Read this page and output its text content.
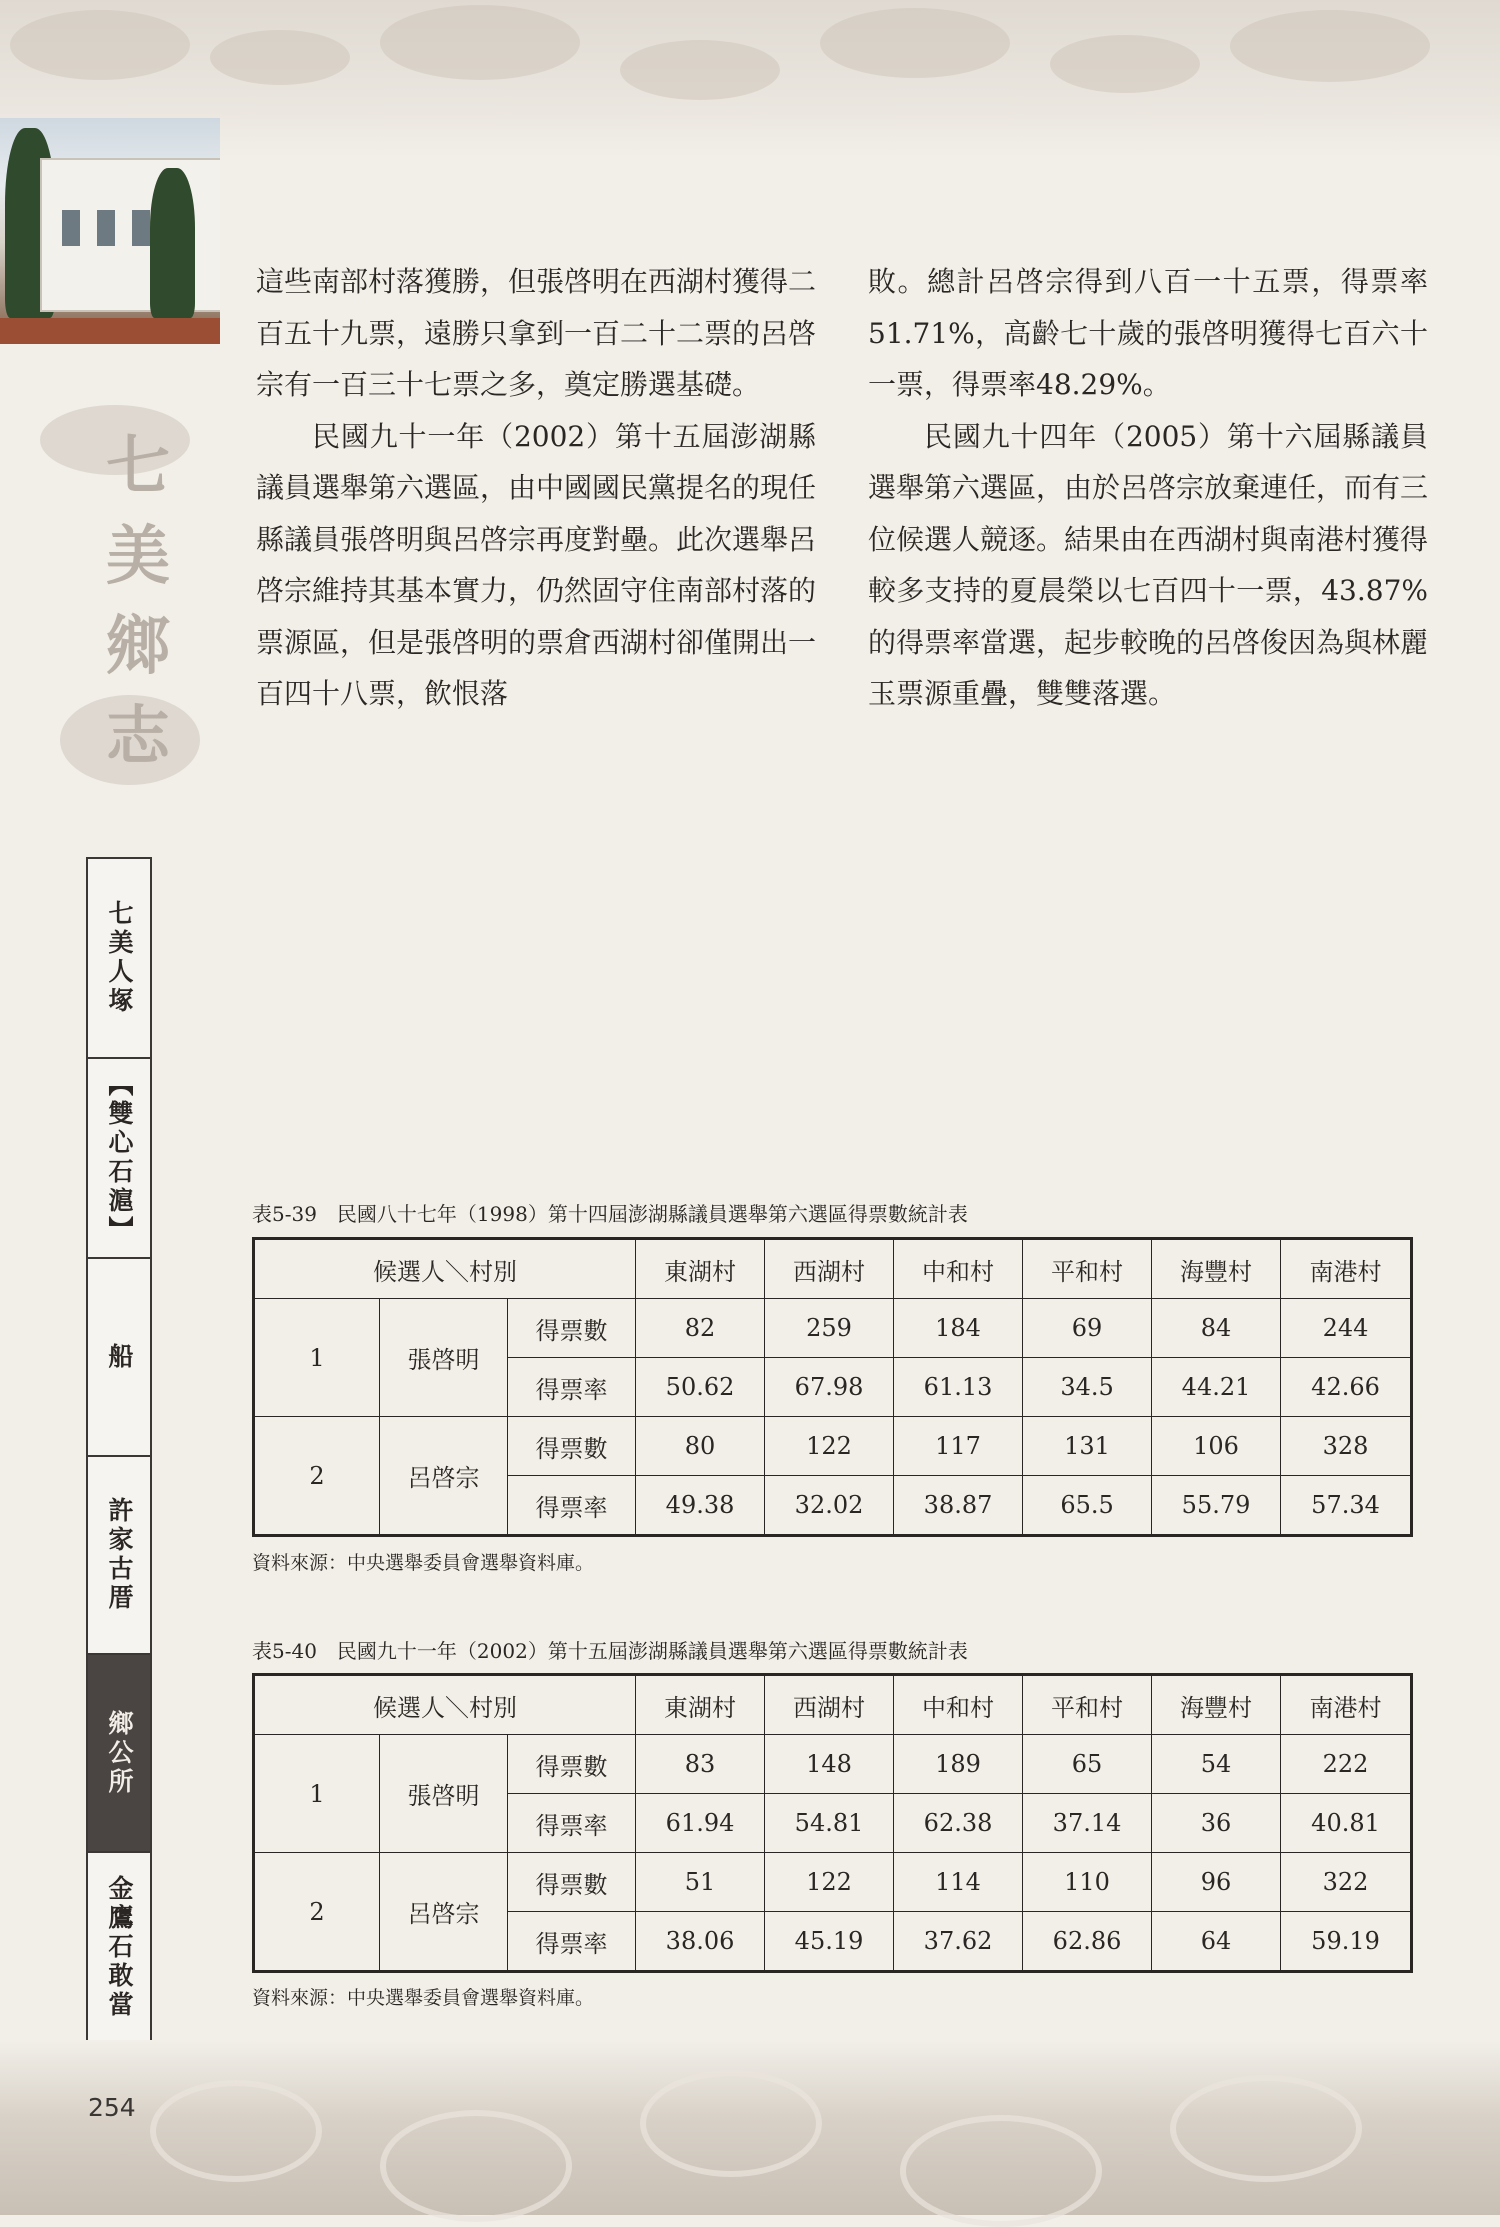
七
美
鄉
志
七美人塚
【雙心石滬】
船
許家古厝
鄉公所
金鷹石敢當

這些南部村落獲勝，但張啓明在西湖村獲得二百五十九票，遠勝只拿到一百二十二票的呂啓宗有一百三十七票之多，奠定勝選基礎。

民國九十一年（2002）第十五屆澎湖縣議員選舉第六選區，由中國國民黨提名的現任縣議員張啓明與呂啓宗再度對壘。此次選舉呂啓宗維持其基本實力，仍然固守住南部村落的票源區，但是張啓明的票倉西湖村卻僅開出一百四十八票，飲恨落

敗。總計呂啓宗得到八百一十五票，得票率51.71%，高齡七十歲的張啓明獲得七百六十一票，得票率48.29%。

民國九十四年（2005）第十六屆縣議員選舉第六選區，由於呂啓宗放棄連任，而有三位候選人競逐。結果由在西湖村與南港村獲得較多支持的夏晨榮以七百四十一票，43.87%的得票率當選，起步較晚的呂啓俊因為與林麗玉票源重疊，雙雙落選。

表5-39　民國八十七年（1998）第十四屆澎湖縣議員選舉第六選區得票數統計表
候選人＼村別			東湖村	西湖村	中和村	平和村	海豐村	南港村
1	張啓明	得票數	82	259	184	69	84	244
		得票率	50.62	67.98	61.13	34.5	44.21	42.66
2	呂啓宗	得票數	80	122	117	131	106	328
		得票率	49.38	32.02	38.87	65.5	55.79	57.34
資料來源：中央選舉委員會選舉資料庫。
表5-40　民國九十一年（2002）第十五屆澎湖縣議員選舉第六選區得票數統計表
候選人＼村別			東湖村	西湖村	中和村	平和村	海豐村	南港村
1	張啓明	得票數	83	148	189	65	54	222
		得票率	61.94	54.81	62.38	37.14	36	40.81
2	呂啓宗	得票數	51	122	114	110	96	322
		得票率	38.06	45.19	37.62	62.86	64	59.19
資料來源：中央選舉委員會選舉資料庫。
254
